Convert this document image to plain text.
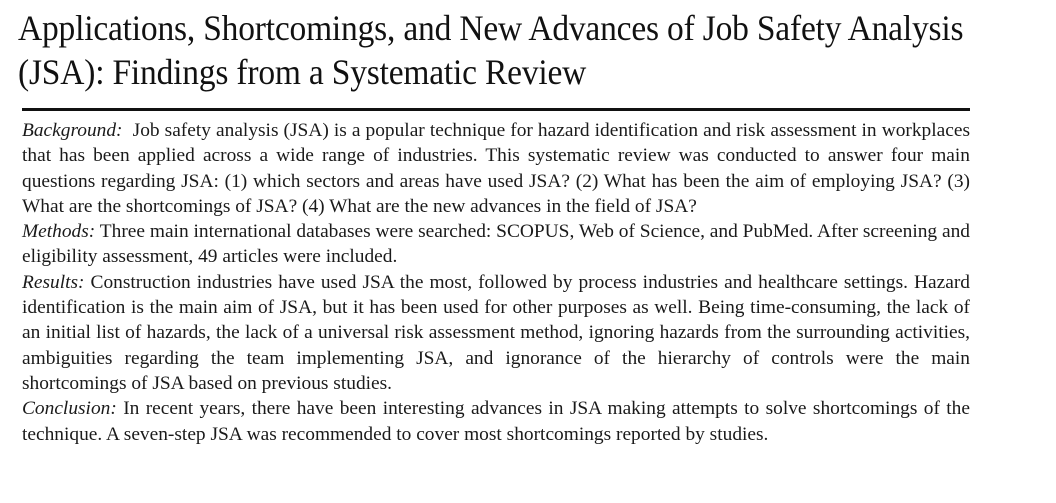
Applications, Shortcomings, and New Advances of Job Safety Analysis
(JSA): Findings from a Systematic Review

Background: Job safety analysis (JSA) is a popular technique for hazard identification and risk assessment in workplaces that has been applied across a wide range of industries. This systematic review was conducted to answer four main questions regarding JSA: (1) which sectors and areas have used JSA? (2) What has been the aim of employing JSA? (3) What are the shortcomings of JSA? (4) What are the new advances in the field of JSA?

Methods: Three main international databases were searched: SCOPUS, Web of Science, and PubMed. After screening and eligibility assessment, 49 articles were included.

Results: Construction industries have used JSA the most, followed by process industries and healthcare settings. Hazard identification is the main aim of JSA, but it has been used for other purposes as well. Being time-consuming, the lack of an initial list of hazards, the lack of a universal risk assessment method, ignoring hazards from the surrounding activities, ambiguities regarding the team implementing JSA, and ignorance of the hierarchy of controls were the main shortcomings of JSA based on previous studies.

Conclusion: In recent years, there have been interesting advances in JSA making attempts to solve shortcomings of the technique. A seven-step JSA was recommended to cover most shortcomings reported by studies.
